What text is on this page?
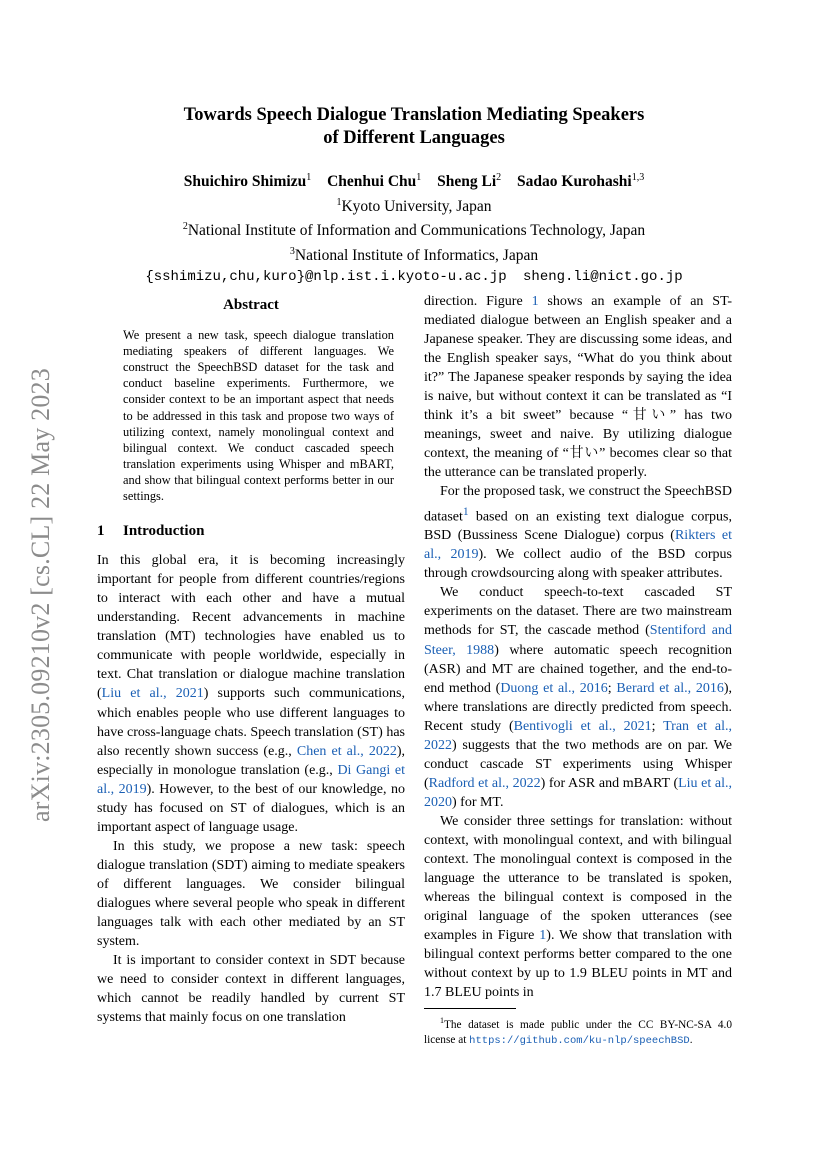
arXiv:2305.09210v2 [cs.CL] 22 May 2023
Towards Speech Dialogue Translation Mediating Speakers
of Different Languages
Shuichiro Shimizu$^1$ Chenhui Chu$^1$ Sheng Li$^2$ Sadao Kurohashi$^{1,3}$
$^1$Kyoto University, Japan
$^2$National Institute of Information and Communications Technology, Japan
$^3$National Institute of Informatics, Japan
{sshimizu,chu,kuro}@nlp.ist.i.kyoto-u.ac.jp sheng.li@nict.go.jp
Abstract

We present a new task, speech dialogue translation mediating speakers of different languages. We construct the SpeechBSD dataset for the task and conduct baseline experiments. Furthermore, we consider context to be an important aspect that needs to be addressed in this task and propose two ways of utilizing context, namely monolingual context and bilingual context. We conduct cascaded speech translation experiments using Whisper and mBART, and show that bilingual context performs better in our settings.

1 Introduction

In this global era, it is becoming increasingly important for people from different countries/regions to interact with each other and have a mutual understanding. Recent advancements in machine translation (MT) technologies have enabled us to communicate with people worldwide, especially in text. Chat translation or dialogue machine translation (Liu et al., 2021) supports such communications, which enables people who use different languages to have cross-language chats. Speech translation (ST) has also recently shown success (e.g., Chen et al., 2022), especially in monologue translation (e.g., Di Gangi et al., 2019). However, to the best of our knowledge, no study has focused on ST of dialogues, which is an important aspect of language usage.

In this study, we propose a new task: speech dialogue translation (SDT) aiming to mediate speakers of different languages. We consider bilingual dialogues where several people who speak in different languages talk with each other mediated by an ST system.

It is important to consider context in SDT because we need to consider context in different languages, which cannot be readily handled by current ST systems that mainly focus on one translation

direction. Figure 1 shows an example of an ST-mediated dialogue between an English speaker and a Japanese speaker. They are discussing some ideas, and the English speaker says, “What do you think about it?” The Japanese speaker responds by saying the idea is naive, but without context it can be translated as “I think it’s a bit sweet” because “甘い” has two meanings, sweet and naive. By utilizing dialogue context, the meaning of “甘い” becomes clear so that the utterance can be translated properly.

For the proposed task, we construct the SpeechBSD dataset$^1$ based on an existing text dialogue corpus, BSD (Bussiness Scene Dialogue) corpus (Rikters et al., 2019). We collect audio of the BSD corpus through crowdsourcing along with speaker attributes.

We conduct speech-to-text cascaded ST experiments on the dataset. There are two mainstream methods for ST, the cascade method (Stentiford and Steer, 1988) where automatic speech recognition (ASR) and MT are chained together, and the end-to-end method (Duong et al., 2016; Berard et al., 2016), where translations are directly predicted from speech. Recent study (Bentivogli et al., 2021; Tran et al., 2022) suggests that the two methods are on par. We conduct cascade ST experiments using Whisper (Radford et al., 2022) for ASR and mBART (Liu et al., 2020) for MT.

We consider three settings for translation: without context, with monolingual context, and with bilingual context. The monolingual context is composed in the language the utterance to be translated is spoken, whereas the bilingual context is composed in the original language of the spoken utterances (see examples in Figure 1). We show that translation with bilingual context performs better compared to the one without context by up to 1.9 BLEU points in MT and 1.7 BLEU points in

$^1$The dataset is made public under the CC BY-NC-SA 4.0 license at https://github.com/ku-nlp/speechBSD.
